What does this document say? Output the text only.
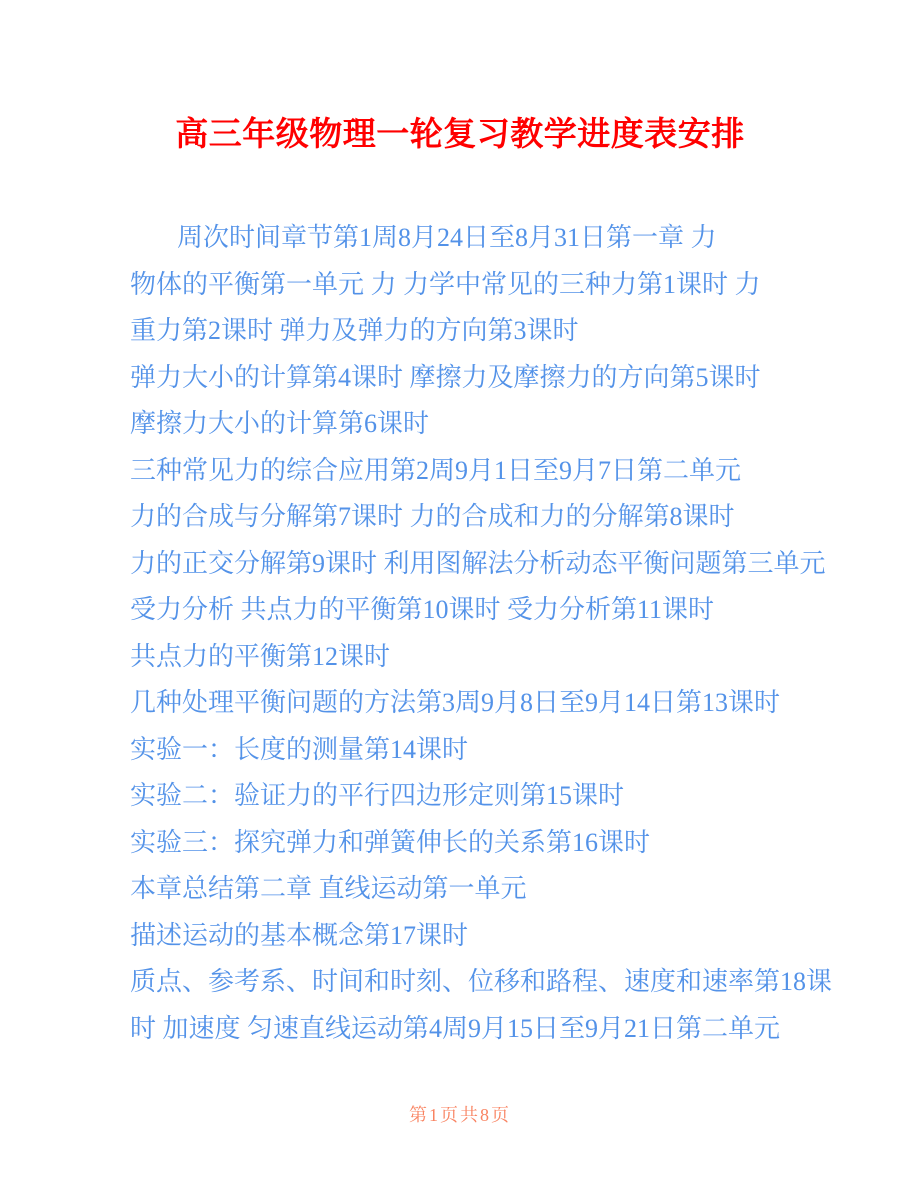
高三年级物理一轮复习教学进度表安排

周次时间章节第1周8月24日至8月31日第一章 力

物体的平衡第一单元 力 力学中常见的三种力第1课时 力

重力第2课时 弹力及弹力的方向第3课时

弹力大小的计算第4课时 摩擦力及摩擦力的方向第5课时

摩擦力大小的计算第6课时

三种常见力的综合应用第2周9月1日至9月7日第二单元

力的合成与分解第7课时 力的合成和力的分解第8课时

力的正交分解第9课时 利用图解法分析动态平衡问题第三单元

受力分析 共点力的平衡第10课时 受力分析第11课时

共点力的平衡第12课时

几种处理平衡问题的方法第3周9月8日至9月14日第13课时

实验一：长度的测量第14课时

实验二：验证力的平行四边形定则第15课时

实验三：探究弹力和弹簧伸长的关系第16课时

本章总结第二章 直线运动第一单元

描述运动的基本概念第17课时

质点、参考系、时间和时刻、位移和路程、速度和速率第18课

时 加速度 匀速直线运动第4周9月15日至9月21日第二单元

第1页共8页
